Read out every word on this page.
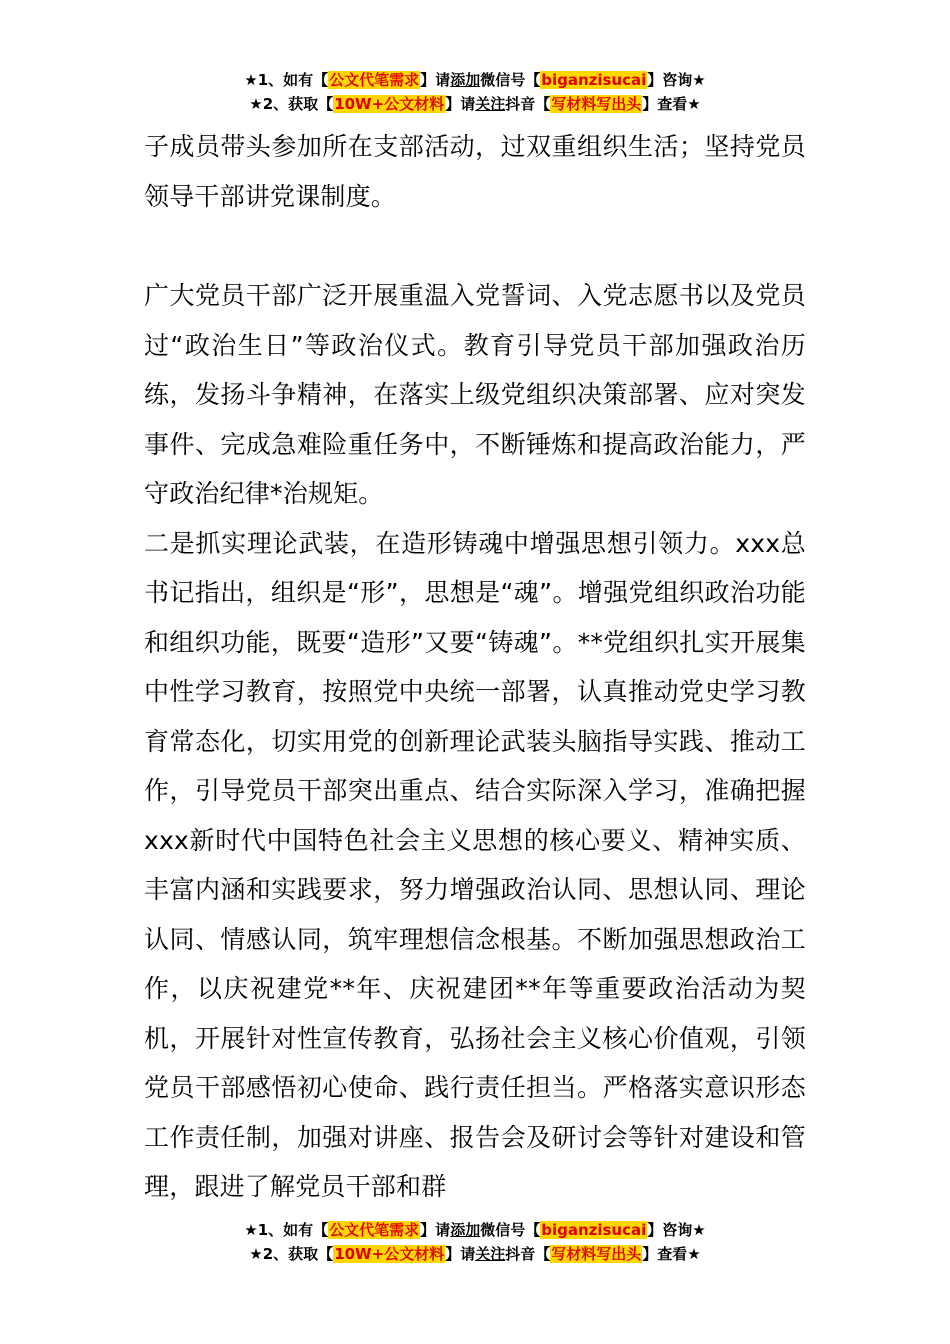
★1、如有【公文代笔需求】请添加微信号【biganzisucai】咨询★
★2、获取【10W+公文材料】请关注抖音【写材料写出头】查看★

子成员带头参加所在支部活动，过双重组织生活；坚持党员领导干部讲党课制度。

广大党员干部广泛开展重温入党誓词、入党志愿书以及党员过“政治生日”等政治仪式。教育引导党员干部加强政治历练，发扬斗争精神，在落实上级党组织决策部署、应对突发事件、完成急难险重任务中，不断锤炼和提高政治能力，严守政治纪律*治规矩。

二是抓实理论武装，在造形铸魂中增强思想引领力。xxx总书记指出，组织是“形”，思想是“魂”。增强党组织政治功能和组织功能，既要“造形”又要“铸魂”。**党组织扎实开展集中性学习教育，按照党中央统一部署，认真推动党史学习教育常态化，切实用党的创新理论武装头脑指导实践、推动工作，引导党员干部突出重点、结合实际深入学习，准确把握xxx新时代中国特色社会主义思想的核心要义、精神实质、丰富内涵和实践要求，努力增强政治认同、思想认同、理论认同、情感认同，筑牢理想信念根基。不断加强思想政治工作，以庆祝建党**年、庆祝建团**年等重要政治活动为契机，开展针对性宣传教育，弘扬社会主义核心价值观，引领党员干部感悟初心使命、践行责任担当。严格落实意识形态工作责任制，加强对讲座、报告会及研讨会等针对建设和管理，跟进了解党员干部和群

★1、如有【公文代笔需求】请添加微信号【biganzisucai】咨询★
★2、获取【10W+公文材料】请关注抖音【写材料写出头】查看★
